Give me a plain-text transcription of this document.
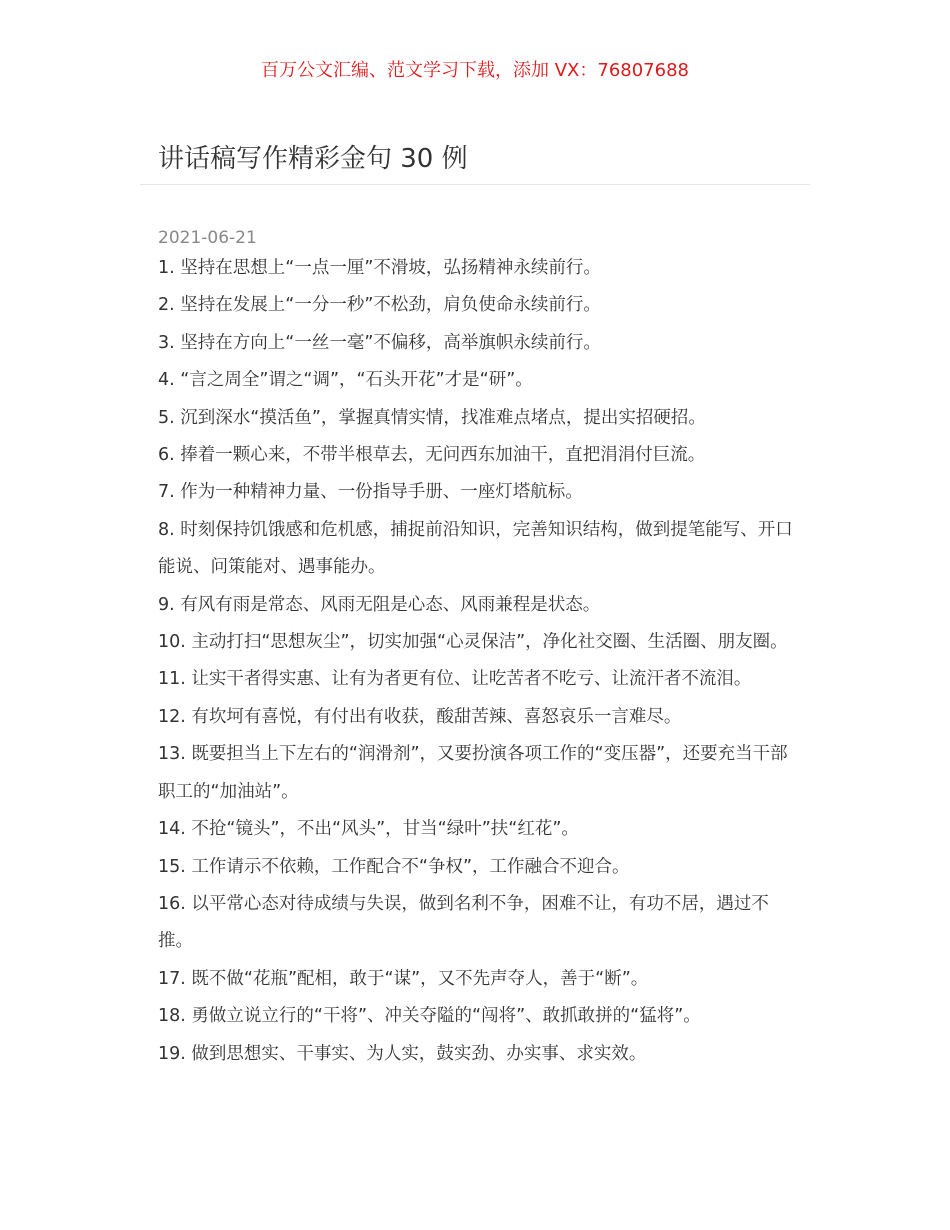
百万公文汇编、范文学习下载，添加 VX：76807688
讲话稿写作精彩金句 30 例
2021-06-21

1. 坚持在思想上“一点一厘”不滑坡，弘扬精神永续前行。

2. 坚持在发展上“一分一秒”不松劲，肩负使命永续前行。

3. 坚持在方向上“一丝一毫”不偏移，高举旗帜永续前行。

4. “言之周全”谓之“调”，“石头开花”才是“研”。

5. 沉到深水“摸活鱼”，掌握真情实情，找准难点堵点，提出实招硬招。

6. 捧着一颗心来，不带半根草去，无问西东加油干，直把涓涓付巨流。

7. 作为一种精神力量、一份指导手册、一座灯塔航标。

8. 时刻保持饥饿感和危机感，捕捉前沿知识，完善知识结构，做到提笔能写、开口能说、问策能对、遇事能办。

9. 有风有雨是常态、风雨无阻是心态、风雨兼程是状态。

10. 主动打扫“思想灰尘”，切实加强“心灵保洁”，净化社交圈、生活圈、朋友圈。

11. 让实干者得实惠、让有为者更有位、让吃苦者不吃亏、让流汗者不流泪。

12. 有坎坷有喜悦，有付出有收获，酸甜苦辣、喜怒哀乐一言难尽。

13. 既要担当上下左右的“润滑剂”，又要扮演各项工作的“变压器”，还要充当干部职工的“加油站”。

14. 不抢“镜头”，不出“风头”，甘当“绿叶”扶“红花”。

15. 工作请示不依赖，工作配合不“争权”，工作融合不迎合。

16. 以平常心态对待成绩与失误，做到名利不争，困难不让，有功不居，遇过不推。

17. 既不做“花瓶”配相，敢于“谋”，又不先声夺人，善于“断”。

18. 勇做立说立行的“干将”、冲关夺隘的“闯将”、敢抓敢拼的“猛将”。

19. 做到思想实、干事实、为人实，鼓实劲、办实事、求实效。
